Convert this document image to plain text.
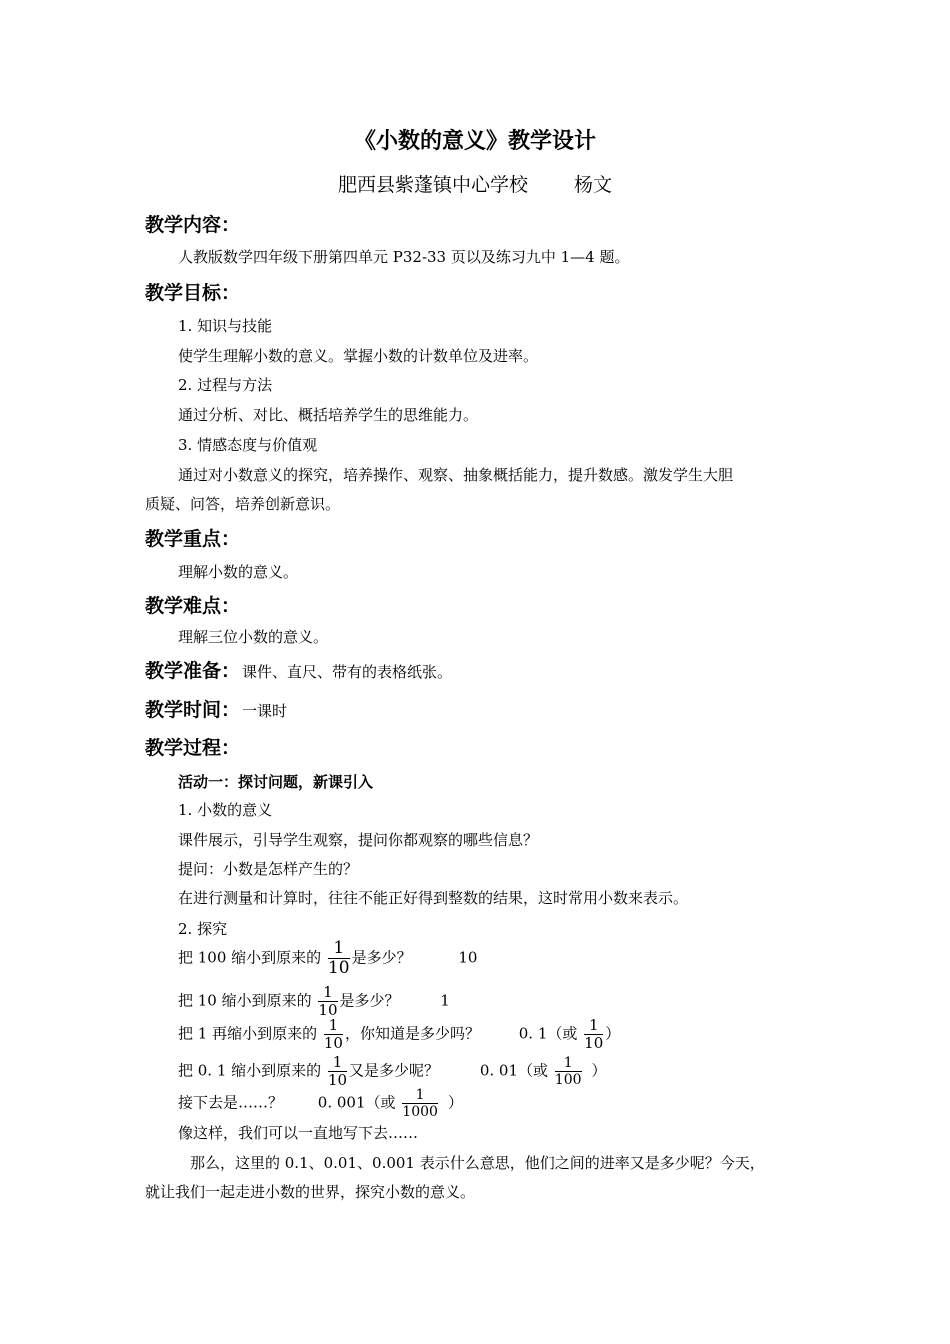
《小数的意义》教学设计
肥西县紫蓬镇中心学校 杨文
教学内容：
人教版数学四年级下册第四单元 P32-33 页以及练习九中 1—4 题。
教学目标：
1. 知识与技能
使学生理解小数的意义。掌握小数的计数单位及进率。
2. 过程与方法
通过分析、对比、概括培养学生的思维能力。
3. 情感态度与价值观
通过对小数意义的探究，培养操作、观察、抽象概括能力，提升数感。激发学生大胆
质疑、问答，培养创新意识。
教学重点：
理解小数的意义。
教学难点：
理解三位小数的意义。
教学准备： 课件、直尺、带有的表格纸张。
教学时间： 一课时
教学过程：
活动一：探讨问题，新课引入
1. 小数的意义
课件展示，引导学生观察，提问你都观察的哪些信息？
提问：小数是怎样产生的？
在进行测量和计算时，往往不能正好得到整数的结果，这时常用小数来表示。
2. 探究
把 100 缩小到原来的 $\frac{1}{10}$ 是多少？	10
把 10 缩小到原来的 $\frac{1}{10}$ 是多少？	1
把 1 再缩小到原来的 $\frac{1}{10}$ ，你知道是多少吗？	0. 1（或 $\frac{1}{10}$ ）
把 0. 1 缩小到原来的 $\frac{1}{10}$ 又是多少呢？	0. 01（或 $\frac{1}{100}$ ）
接下去是……？ 0. 001（或 $\frac{1}{1000}$ ）
像这样，我们可以一直地写下去……
那么，这里的 0.1、0.01、0.001 表示什么意思，他们之间的进率又是多少呢？今天，
就让我们一起走进小数的世界，探究小数的意义。
